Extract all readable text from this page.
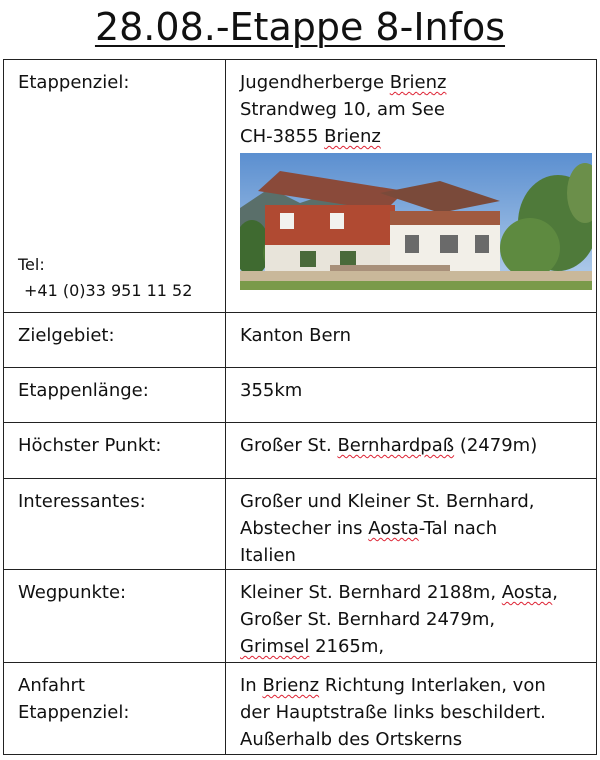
28.08.-Etappe 8-Infos
Etappenziel:
Tel:
+41 (0)33 951 11 52	Jugendherberge Brienz
Strandweg 10, am See
CH-3855 Brienz

Zielgebiet:	Kanton Bern

Etappenlänge:	355km

Höchster Punkt:	Großer St. Bernhardpaß (2479m)

Interessantes:	Großer und Kleiner St. Bernhard,
Abstecher ins Aosta-Tal nach
Italien

Wegpunkte:	Kleiner St. Bernhard 2188m, Aosta,
Großer St. Bernhard 2479m,
Grimsel 2165m,

Anfahrt
Etappenziel:	In Brienz Richtung Interlaken, von
der Hauptstraße links beschildert.
Außerhalb des Ortskerns
